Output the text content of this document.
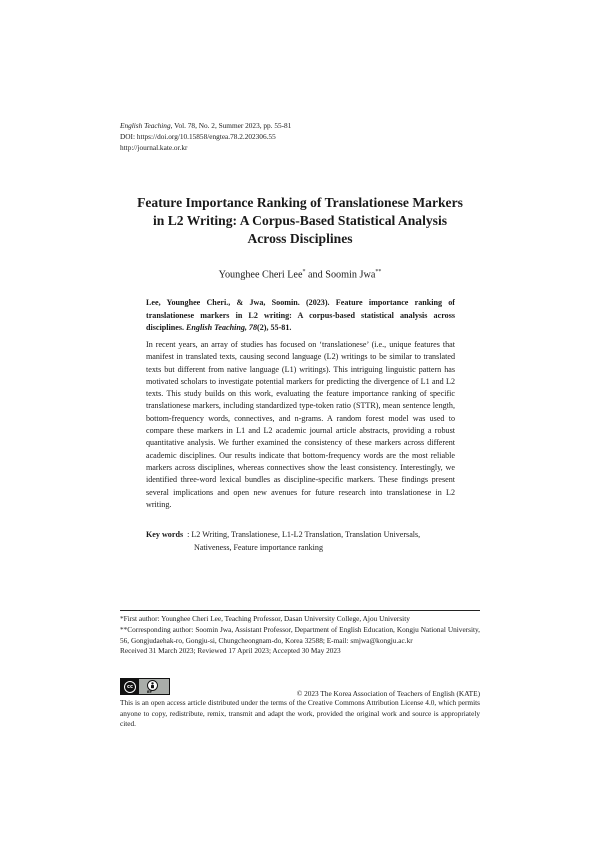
English Teaching, Vol. 78, No. 2, Summer 2023, pp. 55-81
DOI: https://doi.org/10.15858/engtea.78.2.202306.55
http://journal.kate.or.kr
Feature Importance Ranking of Translationese Markers
in L2 Writing: A Corpus-Based Statistical Analysis
Across Disciplines
Younghee Cheri Lee* and Soomin Jwa**
Lee, Younghee Cheri., & Jwa, Soomin. (2023). Feature importance ranking of translationese markers in L2 writing: A corpus-based statistical analysis across disciplines. English Teaching, 78(2), 55-81.

In recent years, an array of studies has focused on ‘translationese’ (i.e., unique features that manifest in translated texts, causing second language (L2) writings to be similar to translated texts but different from native language (L1) writings). This intriguing linguistic pattern has motivated scholars to investigate potential markers for predicting the divergence of L1 and L2 texts. This study builds on this work, evaluating the feature importance ranking of specific translationese markers, including standardized type-token ratio (STTR), mean sentence length, bottom-frequency words, connectives, and n-grams. A random forest model was used to compare these markers in L1 and L2 academic journal article abstracts, providing a robust quantitative analysis. We further examined the consistency of these markers across different academic disciplines. Our results indicate that bottom-frequency words are the most reliable markers across disciplines, whereas connectives show the least consistency. Interestingly, we identified three-word lexical bundles as discipline-specific markers. These findings present several implications and open new avenues for future research into translationese in L2 writing.

Key words : L2 Writing, Translationese, L1-L2 Translation, Translation Universals,
Nativeness, Feature importance ranking
*First author: Younghee Cheri Lee, Teaching Professor, Dasan University College, Ajou University
**Corresponding author: Soomin Jwa, Assistant Professor, Department of English Education, Kongju National University, 56, Gongjudaehak-ro, Gongju-si, Chungcheongnam-do, Korea 32588; E-mail: smjwa@kongju.ac.kr
Received 31 March 2023; Reviewed 17 April 2023; Accepted 30 May 2023
cc
BY	© 2023 The Korea Association of Teachers of English (KATE)
This is an open access article distributed under the terms of the Creative Commons Attribution License 4.0, which permits anyone to copy, redistribute, remix, transmit and adapt the work, provided the original work and source is appropriately cited.
